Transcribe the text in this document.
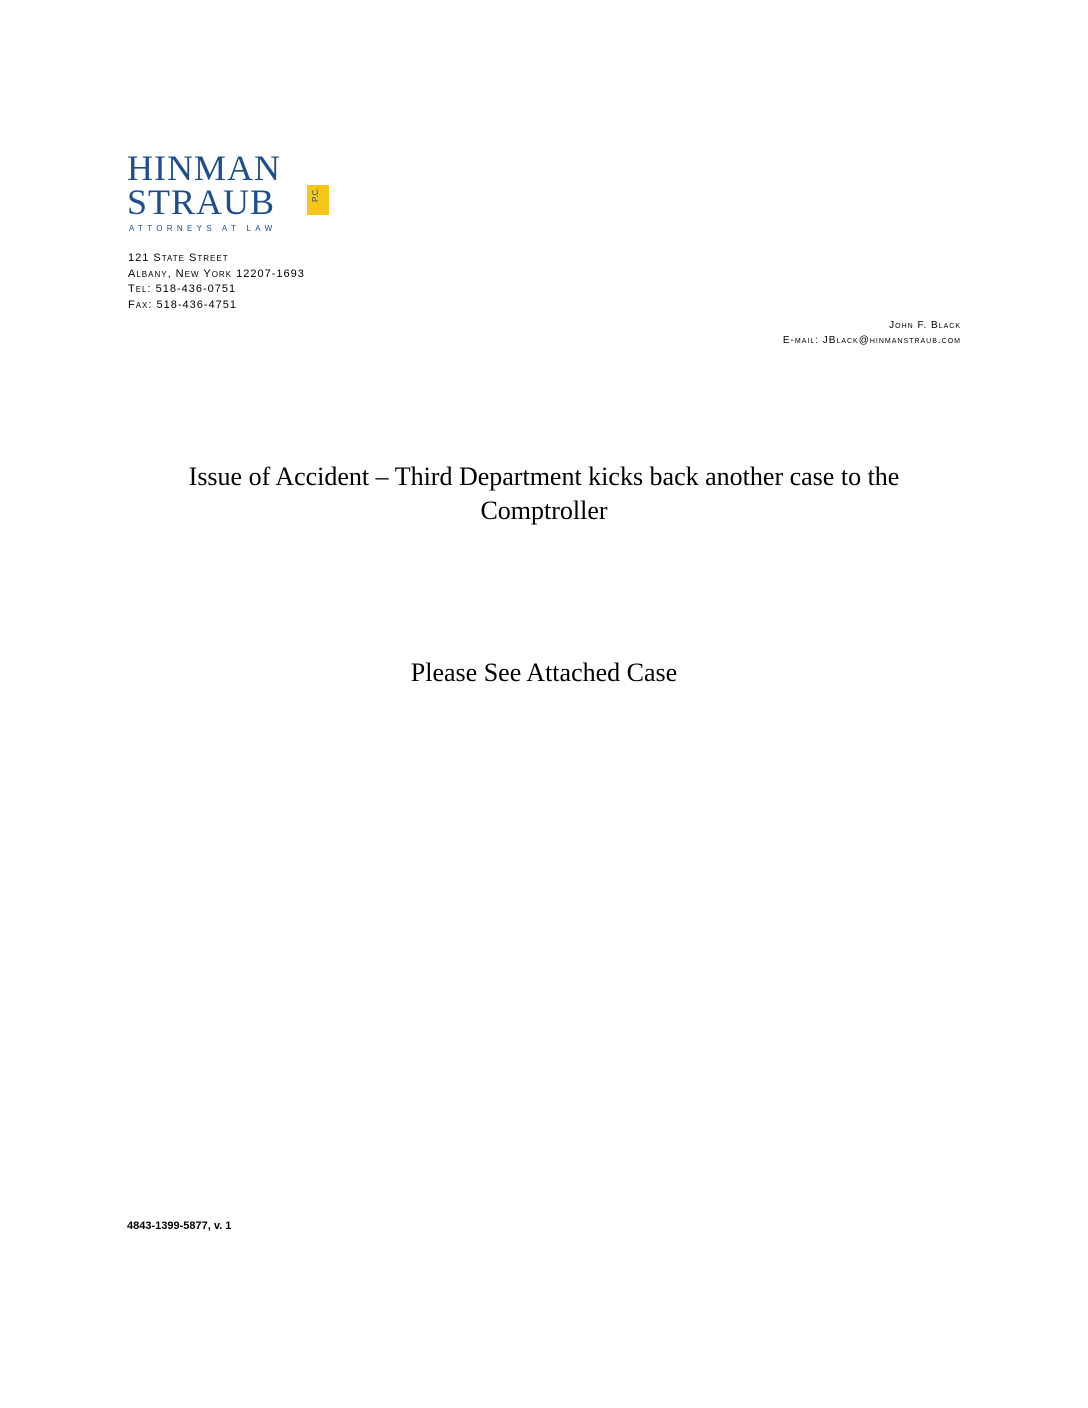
HINMAN
STRAUB	P.C.
ATTORNEYS AT LAW
121 State Street
Albany, New York 12207-1693
Tel: 518-436-0751
Fax: 518-436-4751
John F. Black
E-mail: JBlack@hinmanstraub.com
Issue of Accident – Third Department kicks back another case to the Comptroller
Please See Attached Case
4843-1399-5877, v. 1
